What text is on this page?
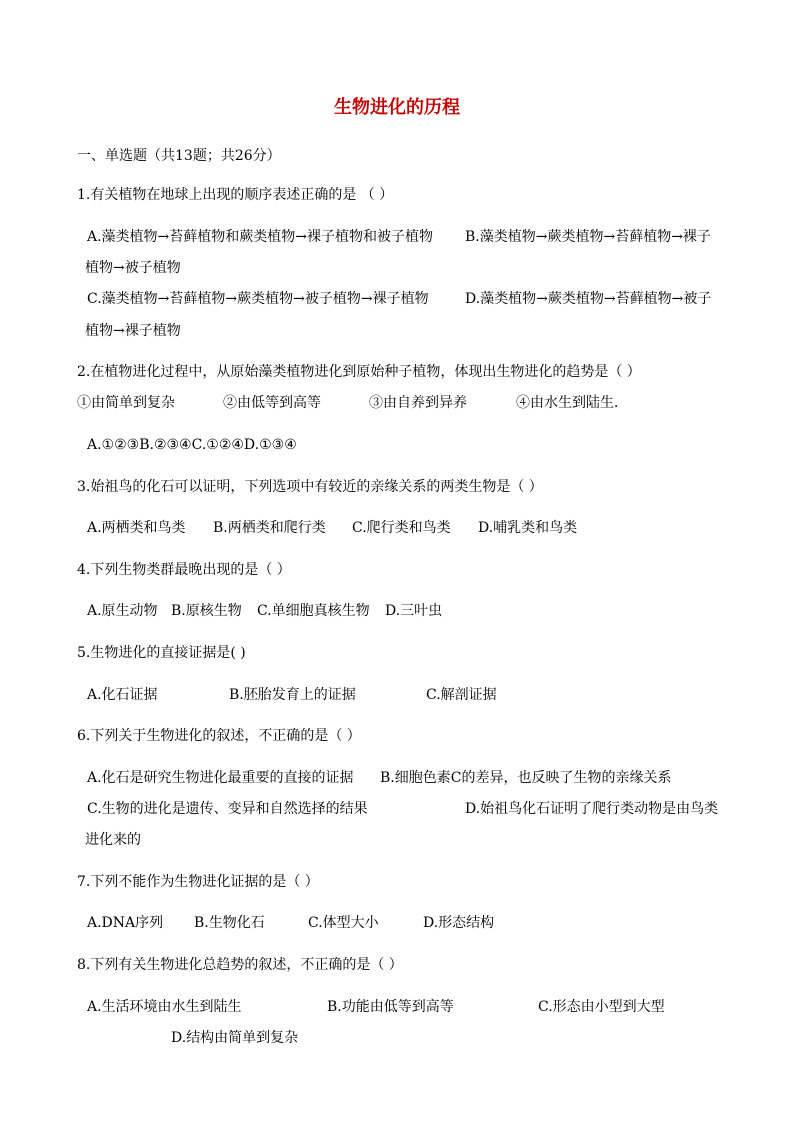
生物进化的历程
一、单选题（共13题；共26分）
1.有关植物在地球上出现的顺序表述正确的是 （ ）
A.藻类植物→苔藓植物和蕨类植物→裸子植物和被子植物 B.藻类植物→蕨类植物→苔藓植物→裸子
植物→被子植物
C.藻类植物→苔藓植物→蕨类植物→被子植物→裸子植物	D.藻类植物→蕨类植物→苔藓植物→被子
植物→裸子植物
2.在植物进化过程中，从原始藻类植物进化到原始种子植物，体现出生物进化的趋势是（ ）
①由简单到复杂	②由低等到高等	③由自养到异养	④由水生到陆生．
A.①②③B.②③④C.①②④D.①③④
3.始祖鸟的化石可以证明，下列选项中有较近的亲缘关系的两类生物是（ ）
A.两栖类和鸟类 B.两栖类和爬行类 C.爬行类和鸟类 D.哺乳类和鸟类
4.下列生物类群最晚出现的是（ ）
A.原生动物 B.原核生物 C.单细胞真核生物 D.三叶虫
5.生物进化的直接证据是( )
A.化石证据	B.胚胎发育上的证据	C.解剖证据
6.下列关于生物进化的叙述，不正确的是（ ）
A.化石是研究生物进化最重要的直接的证据 B.细胞色素C的差异，也反映了生物的亲缘关系
C.生物的进化是遗传、变异和自然选择的结果	D.始祖鸟化石证明了爬行类动物是由鸟类
进化来的
7.下列不能作为生物进化证据的是（ ）
A.DNA序列 B.生物化石	C.体型大小	D.形态结构
8.下列有关生物进化总趋势的叙述，不正确的是（ ）
A.生活环境由水生到陆生	B.功能由低等到高等	C.形态由小型到大型
D.结构由简单到复杂
